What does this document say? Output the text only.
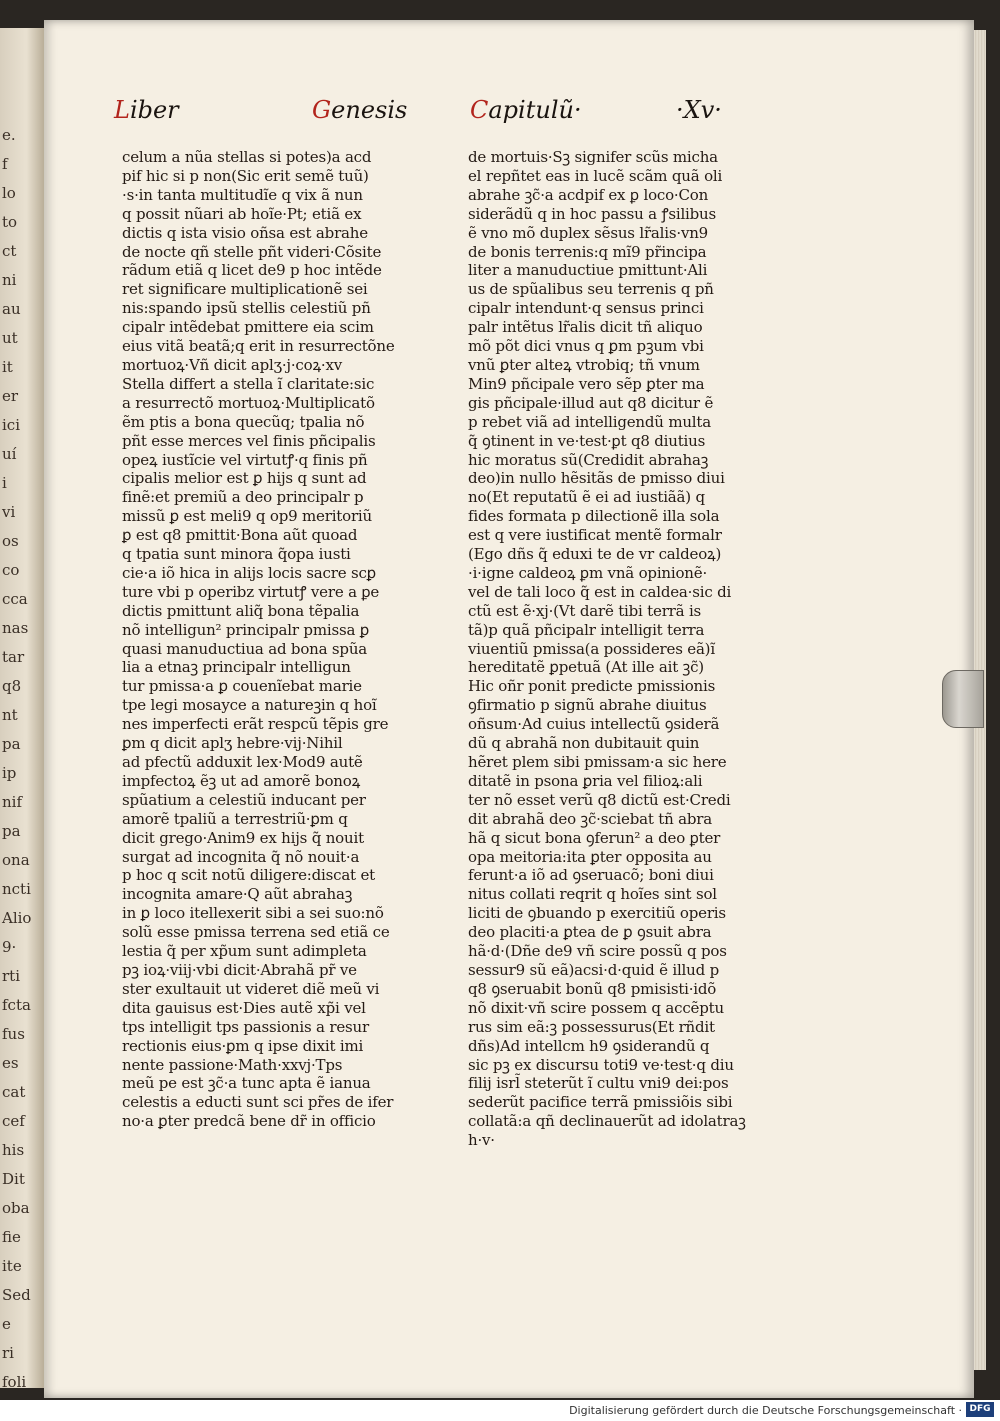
e.
f
lo
to
ct
ni
au
ut
it
er
ici
uí
i
vi
os
co
cca
nas
tar
q8
nt
pa
ip
nif
pa
ona
ncti
Alio
9·
rti
fcta
fus
es
cat
cef
his
Dit
oba
fie
ite
Sed
e
ri
foli
Liber	Genesis	Capitulũ·	·Xv·
celum a nũa stellas si potes)a acd
pif hic si p non(Sic erit semẽ tuũ)
·s·in tanta multitudĩe q vix ã nun
q possit nũari ab hoĩe·Pt; etiã ex
dictis q ista visio oñsa est abrahe
de nocte qñ stelle pñt videri·Cõsite
rãdum etiã q licet de9 p hoc intẽde
ret significare multiplicationẽ sei
nis:spando ipsũ stellis celestiũ pñ
cipalr intẽdebat pmittere eia scim
eius vitã beatã;q erit in resurrectõne
mortuoꝝ·Vñ dicit aplʒ·j·coꝝ·xv
Stella differt a stella ĩ claritate:sic
a resurrectõ mortuoꝝ·Multiplicatõ
ẽm ptis a bona quecũq; tpalia nõ
pñt esse merces vel finis pñcipalis
opeꝝ iustĩcie vel virtutꝭ·q finis pñ
cipalis melior est ꝑ hijs q sunt ad
finẽ:et premiũ a deo principalr p
missũ ꝑ est meli9 q op9 meritoriũ
ꝑ est q8 pmittit·Bona aũt quoad
q tpatia sunt minora q̃opa iusti
cie·a iõ hica in alijs locis sacre scꝑ
ture vbi p operibz virtutꝭ vere a ꝑe
dictis pmittunt aliq̃ bona tẽpalia
nõ intelligun² principalr pmissa ꝑ
quasi manuductiua ad bona spũa
lia a etnaꝫ principalr intelligun
tur pmissa·a ꝑ couenĩebat marie
tpe legi mosayce a natureꝫin q hoĩ
nes imperfecti erãt respcũ tẽpis gre
ꝑm q dicit aplʒ hebre·vij·Nihil
ad pfectũ adduxit lex·Mod9 autẽ
impfectoꝝ ẽꝫ ut ad amorẽ bonoꝝ
spũatium a celestiũ inducant per
amorẽ tpaliũ a terrestriũ·ꝑm q
dicit grego·Anim9 ex hijs q̃ nouit
surgat ad incognita q̃ nõ nouit·a
p hoc q scit notũ diligere:discat et
incognita amare·Q aũt abrahaꝫ
in ꝑ loco itellexerit sibi a sei suo:nõ
solũ esse pmissa terrena sed etiã ce
lestia q̃ per xp̃um sunt adimpleta
pꝫ ioꝝ·viij·vbi dicit·Abrahã pr̃ ve
ster exultauit ut videret diẽ meũ vi
dita gauisus est·Dies autẽ xp̃i vel
tps intelligit tps passionis a resur
rectionis eius·ꝑm q ipse dixit imi
nente passione·Math·xxvj·Tps
meũ pe est ꝫc̃·a tunc apta ẽ ianua
celestis a educti sunt sci pr̃es de ifer
no·a ꝑter predcã bene dr̃ in officio
de mortuis·Sꝫ signifer scũs micha
el repñtet eas in lucẽ scãm quã oli
abrahe ꝫc̃·a acdpif ex ꝑ loco·Con
siderãdũ q in hoc passu a ꝭsilibus
ẽ vno mõ duplex sẽsus lr̃alis·vn9
de bonis terrenis:q mĩ9 pr̃incipa
liter a manuductiue pmittunt·Ali
us de spũalibus seu terrenis q pñ
cipalr intendunt·q sensus princi
palr intẽtus lr̃alis dicit tñ aliquo
mõ põt dici vnus q ꝑm pꝫum vbi
vnũ ꝑter alteꝝ vtrobiq; tñ vnum
Min9 pñcipale vero sẽp ꝑter ma
gis pñcipale·illud aut q8 dicitur ẽ
p rebet viã ad intelligendũ multa
q̃ ꝯtinent in ve·test·ꝑt q8 diutius
hic moratus sũ(Credidit abrahaꝫ
deo)in nullo hẽsitãs de pmisso diui
no(Et reputatũ ẽ ei ad iustiãã) q
fides formata p dilectionẽ illa sola
est q vere iustificat mentẽ formalr
(Ego dñs q̃ eduxi te de vr caldeoꝝ)
·i·igne caldeoꝝ ꝑm vnã opinionẽ·
vel de tali loco q̃ est in caldea·sic di
ctũ est ẽ·xj·(Vt darẽ tibi terrã is
tã)p quã pñcipalr intelligit terra
viuentiũ pmissa(a possideres eã)ĩ
hereditatẽ ꝑpetuã (At ille ait ꝫc̃)
Hic oñr ponit predicte pmissionis
ꝯfirmatio p signũ abrahe diuitus
oñsum·Ad cuius intellectũ ꝯsiderã
dũ q abrahã non dubitauit quin
hẽret plem sibi pmissam·a sic here
ditatẽ in psona ꝑria vel filioꝝ:ali
ter nõ esset verũ q8 dictũ est·Credi
dit abrahã deo ꝫc̃·sciebat tñ abra
hã q sicut bona ꝯferun² a deo ꝑter
opa meitoria:ita ꝑter opposita au
ferunt·a iõ ad ꝯseruacõ; boni diui
nitus collati reqrit q hoĩes sint sol
liciti de ꝯbuando p exercitiũ operis
deo placiti·a ꝑtea de ꝑ ꝯsuit abra
hã·d·(Dñe de9 vñ scire possũ q pos
sessur9 sũ eã)acsi·d·quid ẽ illud p
q8 ꝯseruabit bonũ q8 pmisisti·idõ
nõ dixit·vñ scire possem q accẽptu
rus sim eã:ꝫ possessurus(Et rñdit
dñs)Ad intellcm h9 ꝯsiderandũ q
sic pꝫ ex discursu toti9 ve·test·q diu
filij isrl̃ steterũt ĩ cultu vni9 dei:pos
sederũt pacifice terrã pmissiõis sibi
collatã:a qñ declinauerũt ad idolatraꝫ
h·v·
Digitalisierung gefördert durch die Deutsche Forschungsgemeinschaft · DFG
